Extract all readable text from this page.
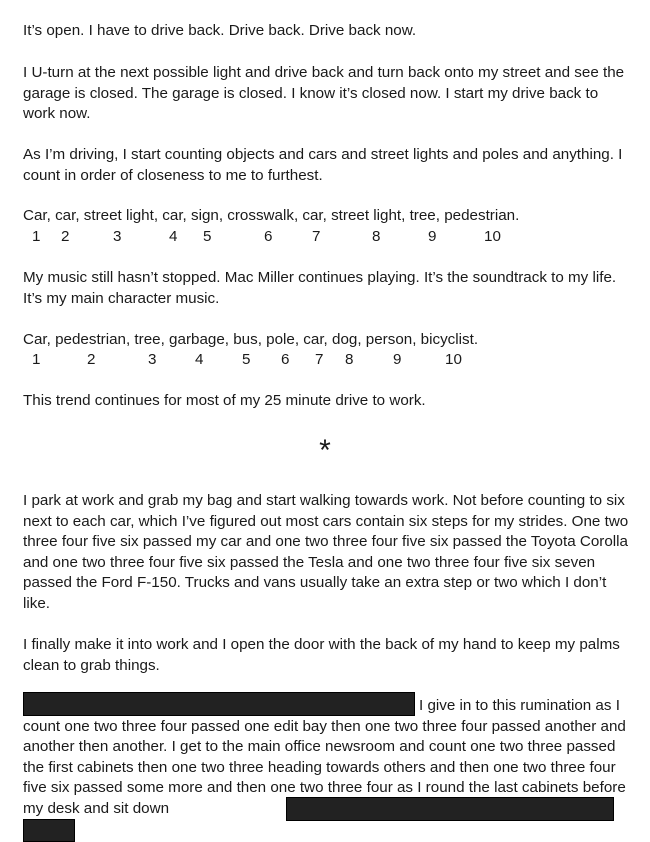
It’s open. I have to drive back. Drive back. Drive back now.

I U-turn at the next possible light and drive back and turn back onto my street and see the garage is closed. The garage is closed. I know it’s closed now. I start my drive back to work now.

As I’m driving, I start counting objects and cars and street lights and poles and anything. I count in order of closeness to me to furthest.

Car, car, street light, car, sign, crosswalk, car, street light, tree, pedestrian.

1 2	3	4 5	6	7	8	9	10

My music still hasn’t stopped. Mac Miller continues playing. It’s the soundtrack to my life. It’s my main character music.

Car, pedestrian, tree, garbage, bus, pole, car, dog, person, bicyclist.

1	2	3	4	5 6 7 8	9	10

This trend continues for most of my 25 minute drive to work.

*

I park at work and grab my bag and start walking towards work. Not before counting to six next to each car, which I’ve figured out most cars contain six steps for my strides. One two three four five six passed my car and one two three four five six passed the Toyota Corolla and one two three four five six passed the Tesla and one two three four five six seven passed the Ford F-150. Trucks and vans usually take an extra step or two which I don’t like.

I finally make it into work and I open the door with the back of my hand to keep my palms clean to grab things.

I give in to this rumination as I count one two three four passed one edit bay then one two three four passed another and another then another. I get to the main office newsroom and count one two three passed the first cabinets then one two three heading towards others and then one two three four five six passed some more and then one two three four as I round the last cabinets before my desk and sit down
